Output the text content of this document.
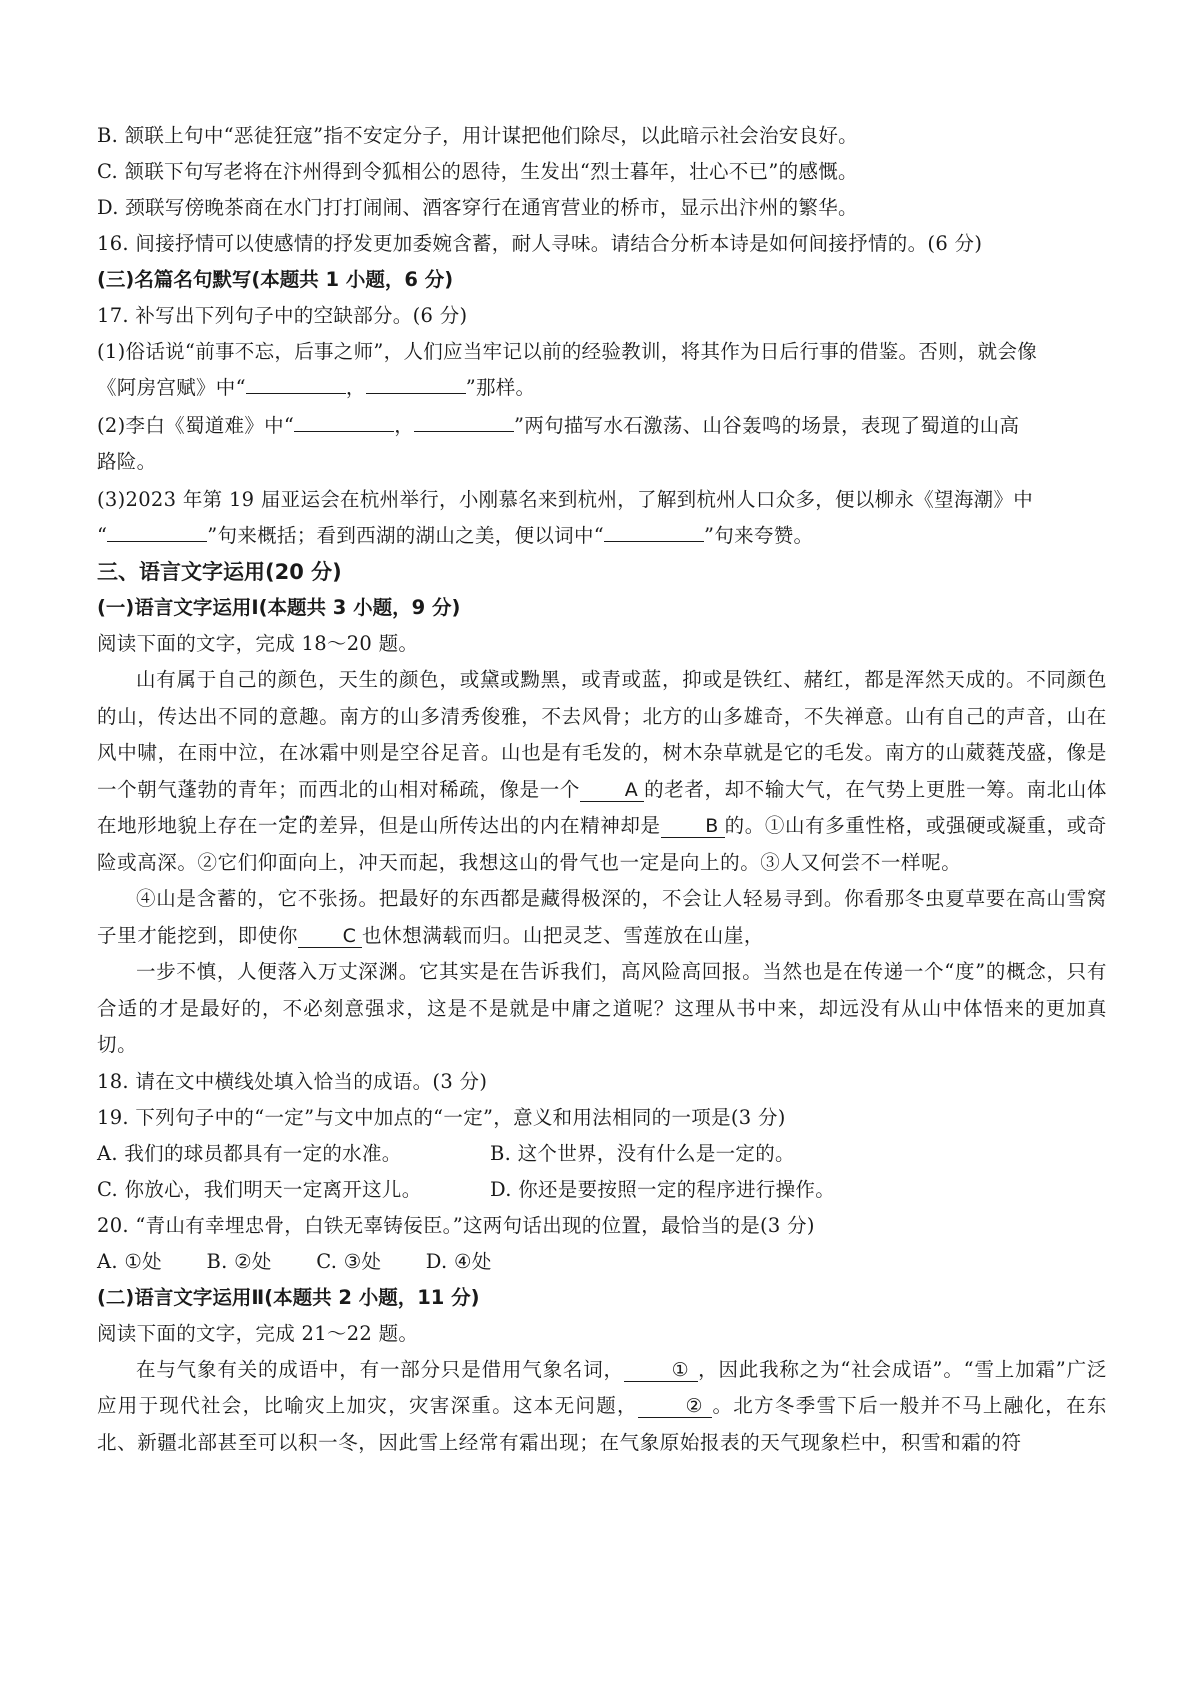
B. 颔联上句中“恶徒狂寇”指不安定分子，用计谋把他们除尽，以此暗示社会治安良好。
C. 颔联下句写老将在汴州得到令狐相公的恩待，生发出“烈士暮年，壮心不已”的感慨。
D. 颈联写傍晚茶商在水门打打闹闹、酒客穿行在通宵营业的桥市，显示出汴州的繁华。
16. 间接抒情可以使感情的抒发更加委婉含蓄，耐人寻味。请结合分析本诗是如何间接抒情的。(6 分)
(三)名篇名句默写(本题共 1 小题，6 分)
17. 补写出下列句子中的空缺部分。(6 分)
(1)俗话说“前事不忘，后事之师”，人们应当牢记以前的经验教训，将其作为日后行事的借鉴。否则，就会像
《阿房宫赋》中“	，	”那样。
(2)李白《蜀道难》中“	，	”两句描写水石激荡、山谷轰鸣的场景，表现了蜀道的山高
路险。
(3)2023 年第 19 届亚运会在杭州举行，小刚慕名来到杭州，了解到杭州人口众多，便以柳永《望海潮》中
“	”句来概括；看到西湖的湖山之美，便以词中“	”句来夸赞。
三、语言文字运用(20 分)
(一)语言文字运用Ⅰ(本题共 3 小题，9 分)
阅读下面的文字，完成 18～20 题。
山有属于自己的颜色，天生的颜色，或黛或黝黑，或青或蓝，抑或是铁红、赭红，都是浑然天成的。不同颜色的山，传达出不同的意趣。南方的山多清秀俊雅，不去风骨；北方的山多雄奇，不失禅意。山有自己的声音，山在风中啸，在雨中泣，在冰霜中则是空谷足音。山也是有毛发的，树木杂草就是它的毛发。南方的山葳蕤茂盛，像是一个朝气蓬勃的青年；而西北的山相对稀疏，像是一个 A 的老者，却不输大气，在气势上更胜一筹。南北山体在地形地貌上存在一定的差异，但是山所传达出的内在精神却是 B 的。①山有多重性格，或强硬或凝重，或奇险或高深。②它们仰面向上，冲天而起，我想这山的骨气也一定是向上的。③人又何尝不一样呢。
④山是含蓄的，它不张扬。把最好的东西都是藏得极深的，不会让人轻易寻到。你看那冬虫夏草要在高山雪窝子里才能挖到，即使你 C 也休想满载而归。山把灵芝、雪莲放在山崖，
一步不慎，人便落入万丈深渊。它其实是在告诉我们，高风险高回报。当然也是在传递一个“度”的概念，只有合适的才是最好的，不必刻意强求，这是不是就是中庸之道呢？这理从书中来，却远没有从山中体悟来的更加真切。
18. 请在文中横线处填入恰当的成语。(3 分)
19. 下列句子中的“一定”与文中加点的“一定”，意义和用法相同的一项是(3 分)
A. 我们的球员都具有一定的水准。	B. 这个世界，没有什么是一定的。
C. 你放心，我们明天一定离开这儿。	D. 你还是要按照一定的程序进行操作。
20. “青山有幸埋忠骨，白铁无辜铸佞臣。”这两句话出现的位置，最恰当的是(3 分)
A. ①处 B. ②处 C. ③处 D. ④处
(二)语言文字运用Ⅱ(本题共 2 小题，11 分)
阅读下面的文字，完成 21～22 题。
在与气象有关的成语中，有一部分只是借用气象名词，	① ，因此我称之为“社会成语”。“雪上加霜”广泛应用于现代社会，比喻灾上加灾，灾害深重。这本无问题，	② 。北方冬季雪下后一般并不马上融化，在东北、新疆北部甚至可以积一冬，因此雪上经常有霜出现；在气象原始报表的天气现象栏中，积雪和霜的符
